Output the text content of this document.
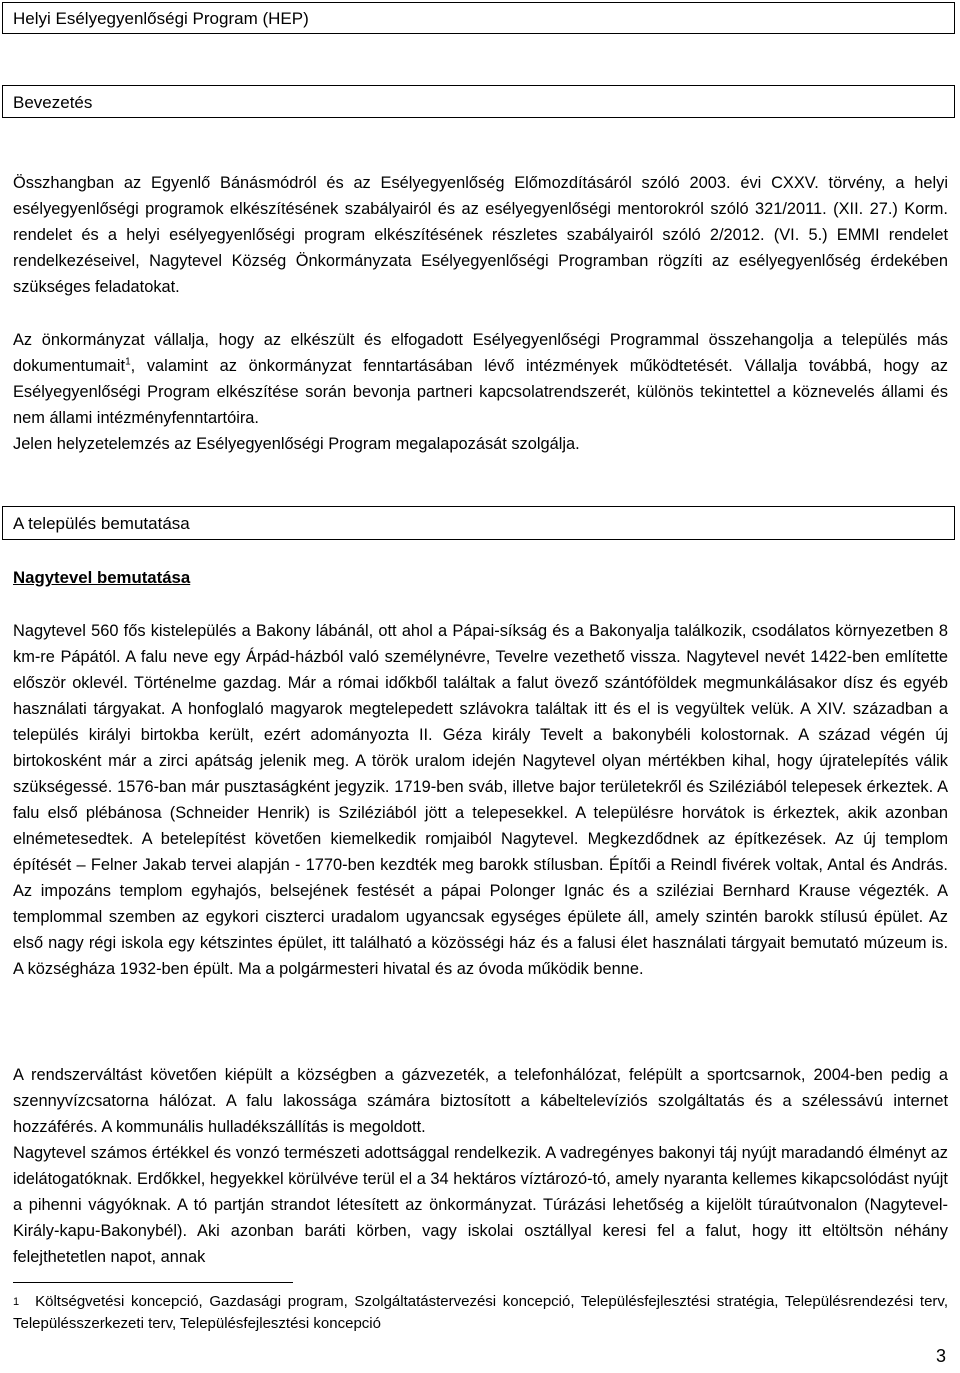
Helyi Esélyegyenlőségi Program (HEP)
Bevezetés

Összhangban az Egyenlő Bánásmódról és az Esélyegyenlőség Előmozdításáról szóló 2003. évi CXXV. törvény, a helyi esélyegyenlőségi programok elkészítésének szabályairól és az esélyegyenlőségi mentorokról szóló 321/2011. (XII. 27.) Korm. rendelet és a helyi esélyegyenlőségi program elkészítésének részletes szabályairól szóló 2/2012. (VI. 5.) EMMI rendelet rendelkezéseivel, Nagytevel Község Önkormányzata Esélyegyenlőségi Programban rögzíti az esélyegyenlőség érdekében szükséges feladatokat.

Az önkormányzat vállalja, hogy az elkészült és elfogadott Esélyegyenlőségi Programmal összehangolja a település más dokumentumait$^1$, valamint az önkormányzat fenntartásában lévő intézmények működtetését. Vállalja továbbá, hogy az Esélyegyenlőségi Program elkészítése során bevonja partneri kapcsolatrendszerét, különös tekintettel a köznevelés állami és nem állami intézményfenntartóira.

Jelen helyzetelemzés az Esélyegyenlőségi Program megalapozását szolgálja.

A település bemutatása

Nagytevel bemutatása

Nagytevel 560 fős kistelepülés a Bakony lábánál, ott ahol a Pápai-síkság és a Bakonyalja találkozik, csodálatos környezetben 8 km-re Pápától. A falu neve egy Árpád-házból való személynévre, Tevelre vezethető vissza. Nagytevel nevét 1422-ben említette először oklevél. Történelme gazdag. Már a római időkből találtak a falut övező szántóföldek megmunkálásakor dísz és egyéb használati tárgyakat. A honfoglaló magyarok megtelepedett szlávokra találtak itt és el is vegyültek velük. A XIV. században a település királyi birtokba került, ezért adományozta II. Géza király Tevelt a bakonybéli kolostornak. A század végén új birtokosként már a zirci apátság jelenik meg. A török uralom idején Nagytevel olyan mértékben kihal, hogy újratelepítés válik szükségessé. 1576-ban már pusztaságként jegyzik. 1719-ben sváb, illetve bajor területekről és Sziléziából telepesek érkeztek. A falu első plébánosa (Schneider Henrik) is Sziléziából jött a telepesekkel. A településre horvátok is érkeztek, akik azonban elnémetesedtek. A betelepítést követően kiemelkedik romjaiból Nagytevel. Megkezdődnek az építkezések. Az új templom építését – Felner Jakab tervei alapján - 1770-ben kezdték meg barokk stílusban. Építői a Reindl fivérek voltak, Antal és András. Az impozáns templom egyhajós, belsejének festését a pápai Polonger Ignác és a sziléziai Bernhard Krause végezték. A templommal szemben az egykori ciszterci uradalom ugyancsak egységes épülete áll, amely szintén barokk stílusú épület. Az első nagy régi iskola egy kétszintes épület, itt található a közösségi ház és a falusi élet használati tárgyait bemutató múzeum is. A községháza 1932-ben épült. Ma a polgármesteri hivatal és az óvoda működik benne.

A rendszerváltást követően kiépült a községben a gázvezeték, a telefonhálózat, felépült a sportcsarnok, 2004-ben pedig a szennyvízcsatorna hálózat. A falu lakossága számára biztosított a kábeltelevíziós szolgáltatás és a szélessávú internet hozzáférés. A kommunális hulladékszállítás is megoldott.

Nagytevel számos értékkel és vonzó természeti adottsággal rendelkezik. A vadregényes bakonyi táj nyújt maradandó élményt az idelátogatóknak. Erdőkkel, hegyekkel körülvéve terül el a 34 hektáros víztározó-tó, amely nyaranta kellemes kikapcsolódást nyújt a pihenni vágyóknak. A tó partján strandot létesített az önkormányzat. Túrázási lehetőség a kijelölt túraútvonalon (Nagytevel-Király-kapu-Bakonybél). Aki azonban baráti körben, vagy iskolai osztállyal keresi fel a falut, hogy itt eltöltsön néhány felejthetetlen napot, annak

$^1$ Költségvetési koncepció, Gazdasági program, Szolgáltatástervezési koncepció, Településfejlesztési stratégia, Településrendezési terv, Településszerkezeti terv, Településfejlesztési koncepció

3
